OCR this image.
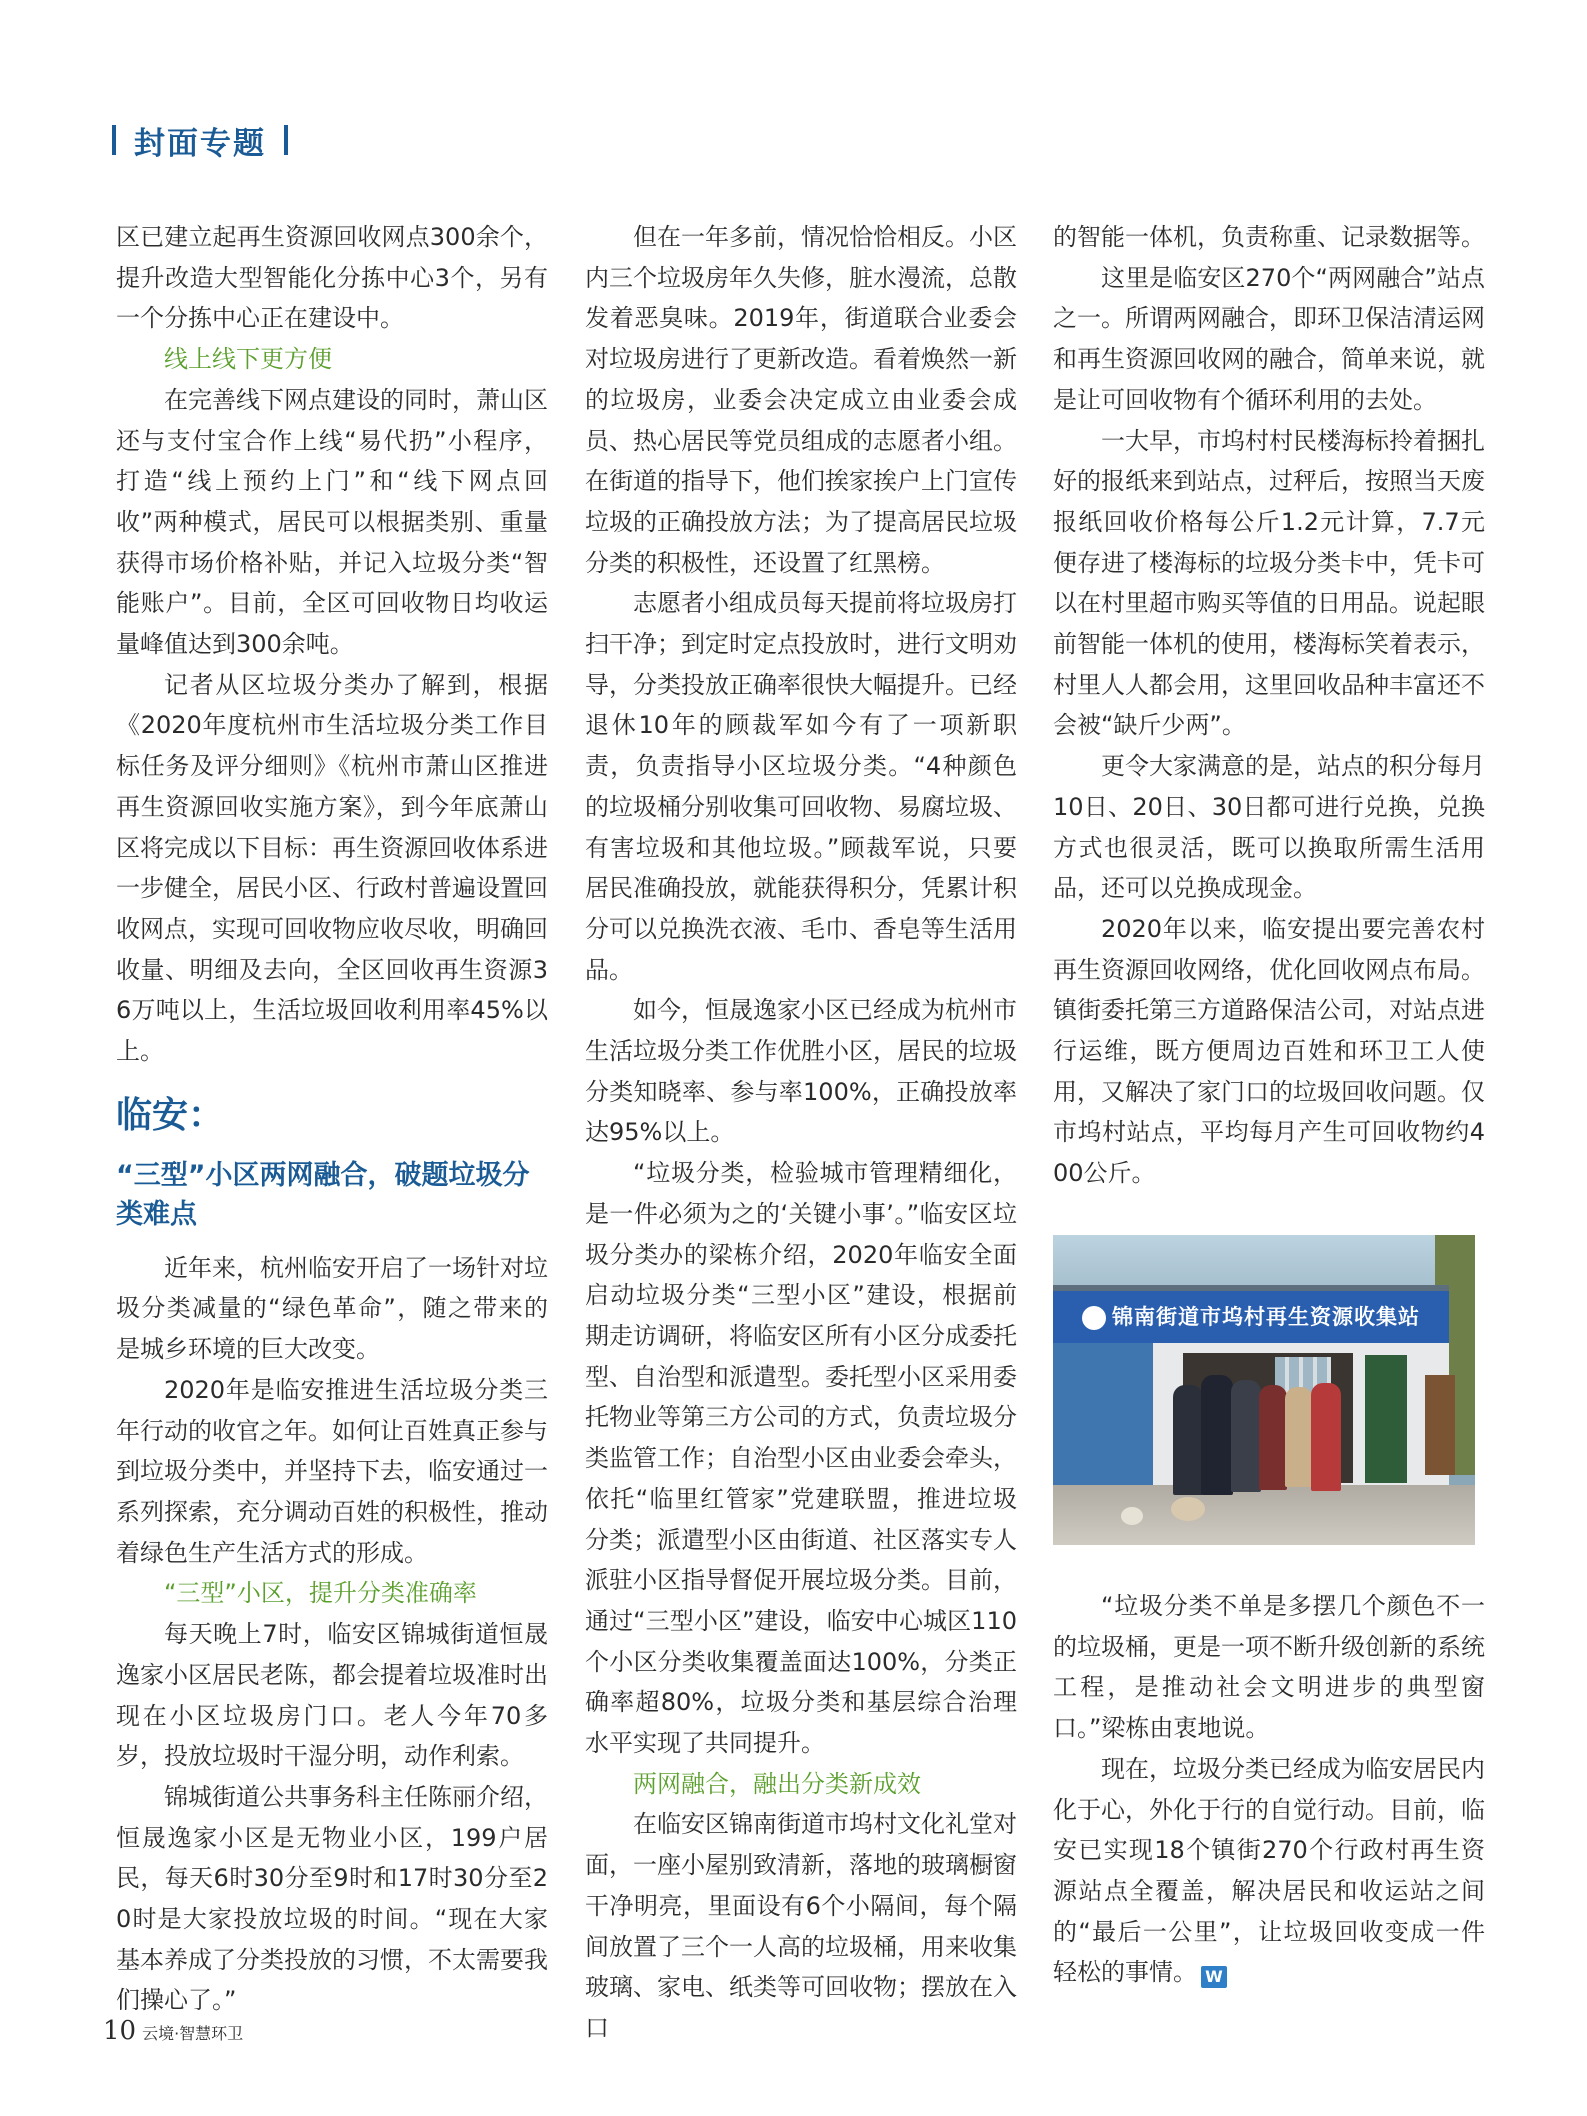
封面专题

区已建立起再生资源回收网点300余个，提升改造大型智能化分拣中心3个，另有一个分拣中心正在建设中。

线上线下更方便

在完善线下网点建设的同时，萧山区还与支付宝合作上线“易代扔”小程序，打造“线上预约上门”和“线下网点回收”两种模式，居民可以根据类别、重量获得市场价格补贴，并记入垃圾分类“智能账户”。目前，全区可回收物日均收运量峰值达到300余吨。

记者从区垃圾分类办了解到，根据《2020年度杭州市生活垃圾分类工作目标任务及评分细则》《杭州市萧山区推进再生资源回收实施方案》，到今年底萧山区将完成以下目标：再生资源回收体系进一步健全，居民小区、行政村普遍设置回收网点，实现可回收物应收尽收，明确回收量、明细及去向，全区回收再生资源36万吨以上，生活垃圾回收利用率45%以上。

临安：
“三型”小区两网融合，破题垃圾分类难点

近年来，杭州临安开启了一场针对垃圾分类减量的“绿色革命”，随之带来的是城乡环境的巨大改变。

2020年是临安推进生活垃圾分类三年行动的收官之年。如何让百姓真正参与到垃圾分类中，并坚持下去，临安通过一系列探索，充分调动百姓的积极性，推动着绿色生产生活方式的形成。

“三型”小区，提升分类准确率

每天晚上7时，临安区锦城街道恒晟逸家小区居民老陈，都会提着垃圾准时出现在小区垃圾房门口。老人今年70多岁，投放垃圾时干湿分明，动作利索。

锦城街道公共事务科主任陈丽介绍，恒晟逸家小区是无物业小区，199户居民，每天6时30分至9时和17时30分至20时是大家投放垃圾的时间。“现在大家基本养成了分类投放的习惯，不太需要我们操心了。”

但在一年多前，情况恰恰相反。小区内三个垃圾房年久失修，脏水漫流，总散发着恶臭味。2019年，街道联合业委会对垃圾房进行了更新改造。看着焕然一新的垃圾房，业委会决定成立由业委会成员、热心居民等党员组成的志愿者小组。在街道的指导下，他们挨家挨户上门宣传垃圾的正确投放方法；为了提高居民垃圾分类的积极性，还设置了红黑榜。

志愿者小组成员每天提前将垃圾房打扫干净；到定时定点投放时，进行文明劝导，分类投放正确率很快大幅提升。已经退休10年的顾裁军如今有了一项新职责，负责指导小区垃圾分类。“4种颜色的垃圾桶分别收集可回收物、易腐垃圾、有害垃圾和其他垃圾。”顾裁军说，只要居民准确投放，就能获得积分，凭累计积分可以兑换洗衣液、毛巾、香皂等生活用品。

如今，恒晟逸家小区已经成为杭州市生活垃圾分类工作优胜小区，居民的垃圾分类知晓率、参与率100%，正确投放率达95%以上。

“垃圾分类，检验城市管理精细化，是一件必须为之的‘关键小事’。”临安区垃圾分类办的梁栋介绍，2020年临安全面启动垃圾分类“三型小区”建设，根据前期走访调研，将临安区所有小区分成委托型、自治型和派遣型。委托型小区采用委托物业等第三方公司的方式，负责垃圾分类监管工作；自治型小区由业委会牵头，依托“临里红管家”党建联盟，推进垃圾分类；派遣型小区由街道、社区落实专人派驻小区指导督促开展垃圾分类。目前，通过“三型小区”建设，临安中心城区110个小区分类收集覆盖面达100%，分类正确率超80%，垃圾分类和基层综合治理水平实现了共同提升。

两网融合，融出分类新成效

在临安区锦南街道市坞村文化礼堂对面，一座小屋别致清新，落地的玻璃橱窗干净明亮，里面设有6个小隔间，每个隔间放置了三个一人高的垃圾桶，用来收集玻璃、家电、纸类等可回收物；摆放在入口

的智能一体机，负责称重、记录数据等。

这里是临安区270个“两网融合”站点之一。所谓两网融合，即环卫保洁清运网和再生资源回收网的融合，简单来说，就是让可回收物有个循环利用的去处。

一大早，市坞村村民楼海标拎着捆扎好的报纸来到站点，过秤后，按照当天废报纸回收价格每公斤1.2元计算，7.7元便存进了楼海标的垃圾分类卡中，凭卡可以在村里超市购买等值的日用品。说起眼前智能一体机的使用，楼海标笑着表示，村里人人都会用，这里回收品种丰富还不会被“缺斤少两”。

更令大家满意的是，站点的积分每月10日、20日、30日都可进行兑换，兑换方式也很灵活，既可以换取所需生活用品，还可以兑换成现金。

2020年以来，临安提出要完善农村再生资源回收网络，优化回收网点布局。镇街委托第三方道路保洁公司，对站点进行运维，既方便周边百姓和环卫工人使用，又解决了家门口的垃圾回收问题。仅市坞村站点，平均每月产生可回收物约400公斤。

锦南街道市坞村再生资源收集站

“垃圾分类不单是多摆几个颜色不一的垃圾桶，更是一项不断升级创新的系统工程，是推动社会文明进步的典型窗口。”梁栋由衷地说。

现在，垃圾分类已经成为临安居民内化于心，外化于行的自觉行动。目前，临安已实现18个镇街270个行政村再生资源站点全覆盖，解决居民和收运站之间的“最后一公里”，让垃圾回收变成一件轻松的事情。 W

10 云境·智慧环卫
